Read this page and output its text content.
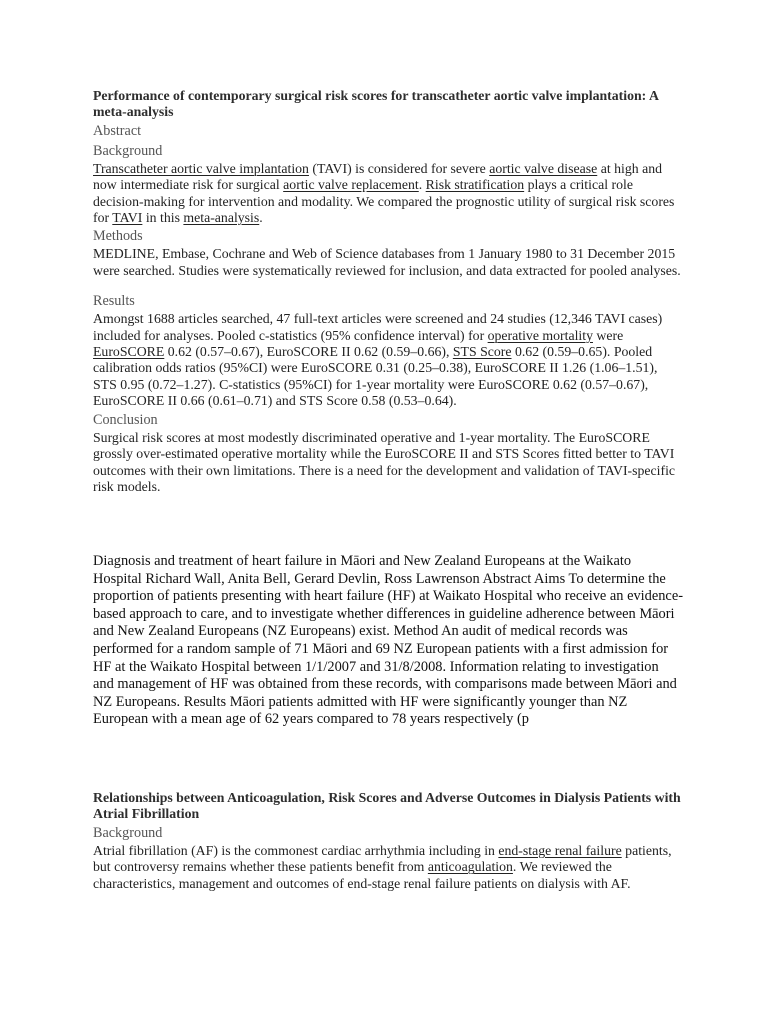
Performance of contemporary surgical risk scores for transcatheter aortic valve implantation: A meta-analysis

Abstract

Background

Transcatheter aortic valve implantation (TAVI) is considered for severe aortic valve disease at high and now intermediate risk for surgical aortic valve replacement. Risk stratification plays a critical role decision-making for intervention and modality. We compared the prognostic utility of surgical risk scores for TAVI in this meta-analysis.

Methods

MEDLINE, Embase, Cochrane and Web of Science databases from 1 January 1980 to 31 December 2015 were searched. Studies were systematically reviewed for inclusion, and data extracted for pooled analyses.

Results

Amongst 1688 articles searched, 47 full-text articles were screened and 24 studies (12,346 TAVI cases) included for analyses. Pooled c-statistics (95% confidence interval) for operative mortality were EuroSCORE 0.62 (0.57–0.67), EuroSCORE II 0.62 (0.59–0.66), STS Score 0.62 (0.59–0.65). Pooled calibration odds ratios (95%CI) were EuroSCORE 0.31 (0.25–0.38), EuroSCORE II 1.26 (1.06–1.51), STS 0.95 (0.72–1.27). C-statistics (95%CI) for 1-year mortality were EuroSCORE 0.62 (0.57–0.67), EuroSCORE II 0.66 (0.61–0.71) and STS Score 0.58 (0.53–0.64).

Conclusion

Surgical risk scores at most modestly discriminated operative and 1-year mortality. The EuroSCORE grossly over-estimated operative mortality while the EuroSCORE II and STS Scores fitted better to TAVI outcomes with their own limitations. There is a need for the development and validation of TAVI-specific risk models.

Diagnosis and treatment of heart failure in Māori and New Zealand Europeans at the Waikato Hospital Richard Wall, Anita Bell, Gerard Devlin, Ross Lawrenson Abstract Aims To determine the proportion of patients presenting with heart failure (HF) at Waikato Hospital who receive an evidence-based approach to care, and to investigate whether differences in guideline adherence between Māori and New Zealand Europeans (NZ Europeans) exist. Method An audit of medical records was performed for a random sample of 71 Māori and 69 NZ European patients with a first admission for HF at the Waikato Hospital between 1/1/2007 and 31/8/2008. Information relating to investigation and management of HF was obtained from these records, with comparisons made between Māori and NZ Europeans. Results Māori patients admitted with HF were significantly younger than NZ European with a mean age of 62 years compared to 78 years respectively (p

Relationships between Anticoagulation, Risk Scores and Adverse Outcomes in Dialysis Patients with Atrial Fibrillation

Background

Atrial fibrillation (AF) is the commonest cardiac arrhythmia including in end-stage renal failure patients, but controversy remains whether these patients benefit from anticoagulation. We reviewed the characteristics, management and outcomes of end-stage renal failure patients on dialysis with AF.
